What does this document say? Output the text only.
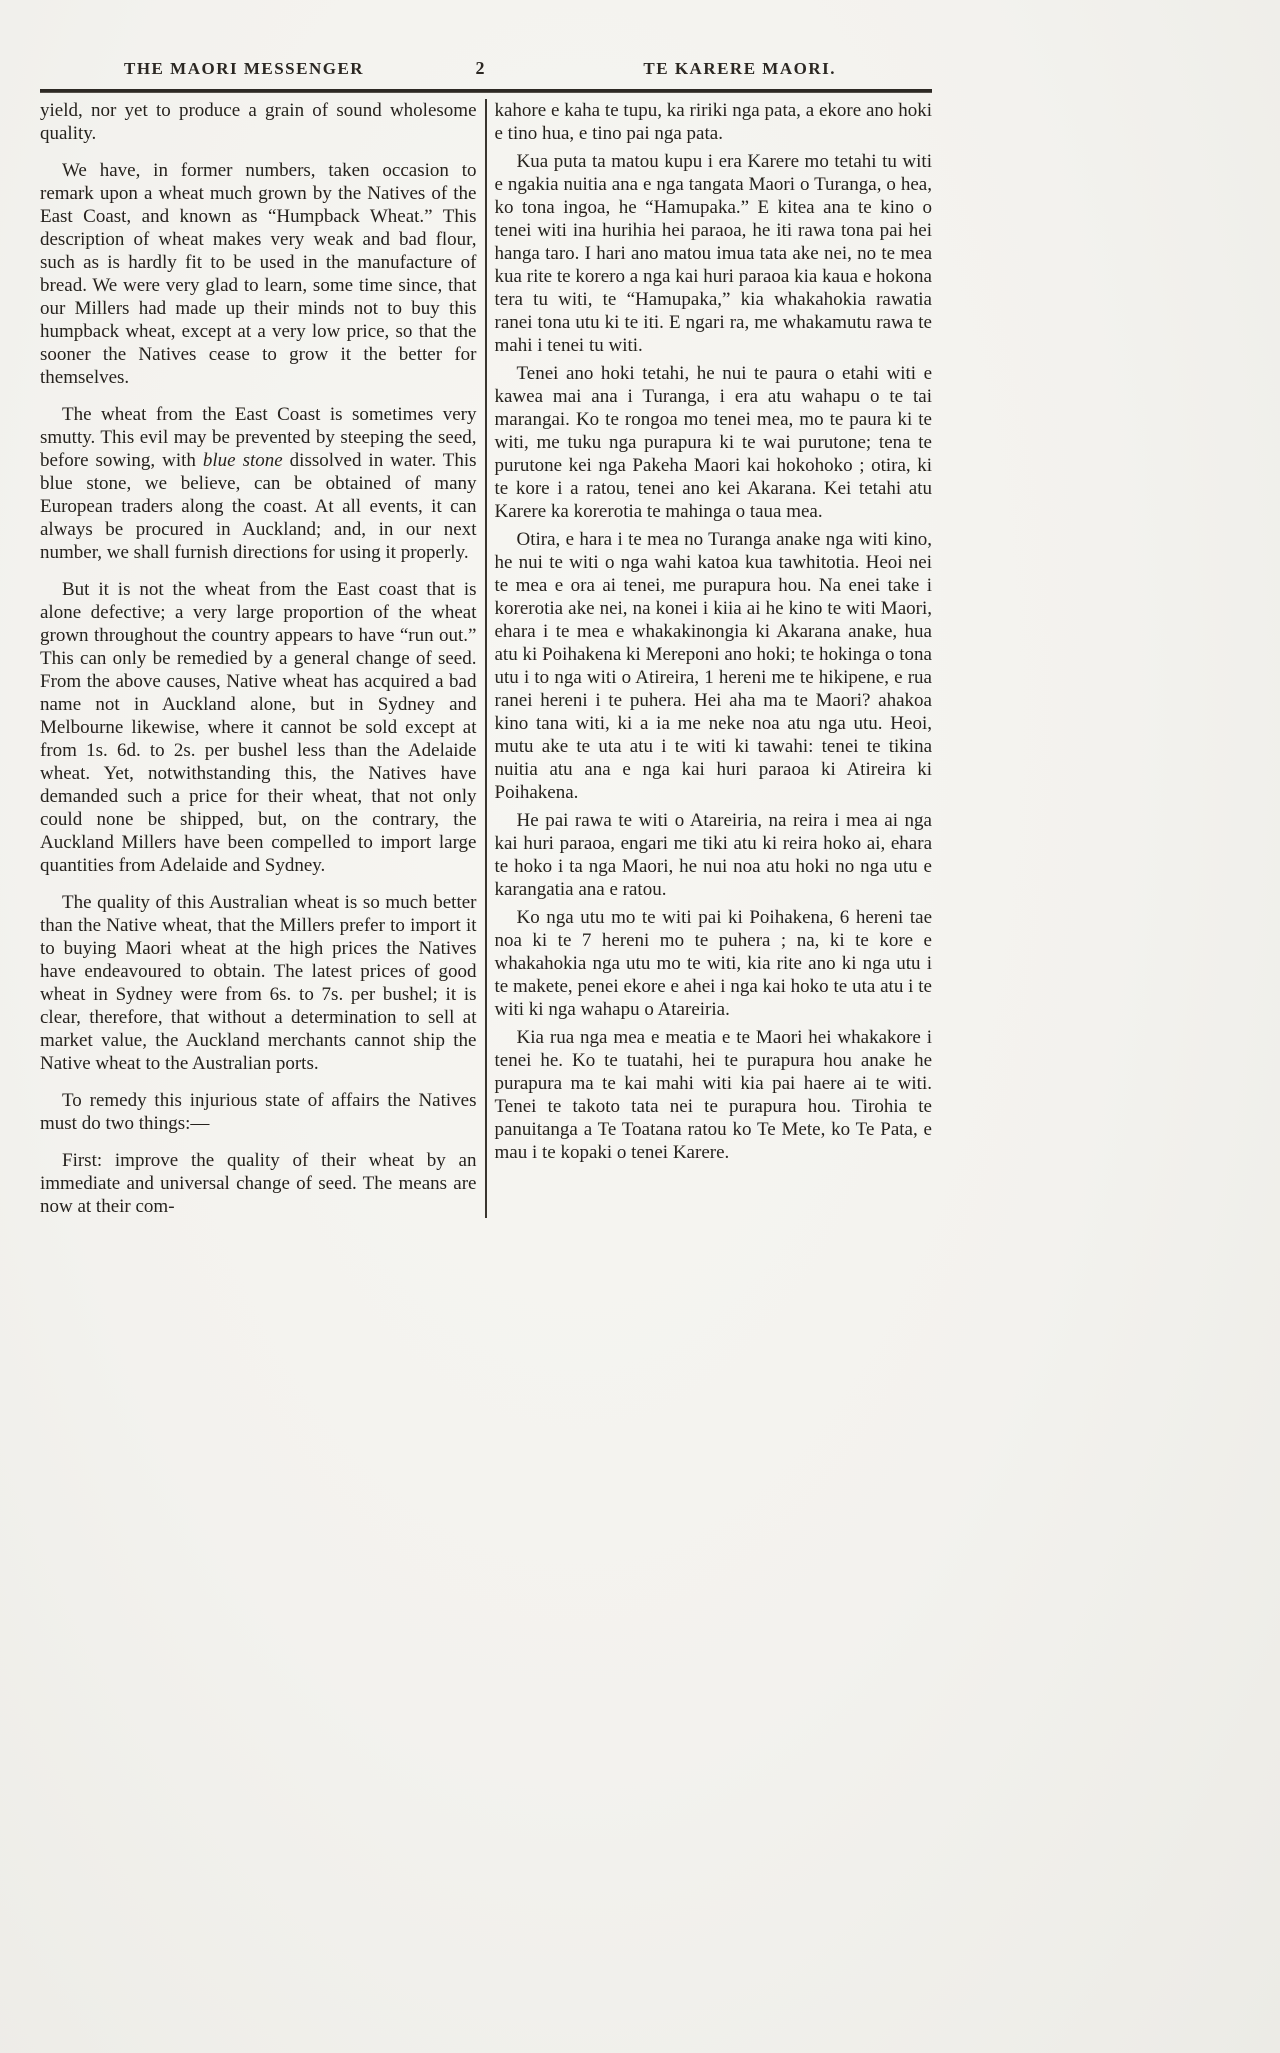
THE MAORI MESSENGER	2	TE KARERE MAORI.

yield, nor yet to produce a grain of sound wholesome quality.

We have, in former numbers, taken occasion to remark upon a wheat much grown by the Natives of the East Coast, and known as “Humpback Wheat.” This description of wheat makes very weak and bad flour, such as is hardly fit to be used in the manufacture of bread. We were very glad to learn, some time since, that our Millers had made up their minds not to buy this humpback wheat, except at a very low price, so that the sooner the Natives cease to grow it the better for themselves.

The wheat from the East Coast is sometimes very smutty. This evil may be prevented by steeping the seed, before sowing, with blue stone dissolved in water. This blue stone, we believe, can be obtained of many European traders along the coast. At all events, it can always be procured in Auckland; and, in our next number, we shall furnish directions for using it properly.

But it is not the wheat from the East coast that is alone defective; a very large proportion of the wheat grown throughout the country appears to have “run out.” This can only be remedied by a general change of seed. From the above causes, Native wheat has acquired a bad name not in Auckland alone, but in Sydney and Melbourne likewise, where it cannot be sold except at from 1s. 6d. to 2s. per bushel less than the Adelaide wheat. Yet, notwithstanding this, the Natives have demanded such a price for their wheat, that not only could none be shipped, but, on the contrary, the Auckland Millers have been compelled to import large quantities from Adelaide and Sydney.

The quality of this Australian wheat is so much better than the Native wheat, that the Millers prefer to import it to buying Maori wheat at the high prices the Natives have endeavoured to obtain. The latest prices of good wheat in Sydney were from 6s. to 7s. per bushel; it is clear, therefore, that without a determination to sell at market value, the Auckland merchants cannot ship the Native wheat to the Australian ports.

To remedy this injurious state of affairs the Natives must do two things:—

First: improve the quality of their wheat by an immediate and universal change of seed. The means are now at their com-

kahore e kaha te tupu, ka ririki nga pata, a ekore ano hoki e tino hua, e tino pai nga pata.

Kua puta ta matou kupu i era Karere mo tetahi tu witi e ngakia nuitia ana e nga tangata Maori o Turanga, o hea, ko tona ingoa, he “Hamupaka.” E kitea ana te kino o tenei witi ina hurihia hei paraoa, he iti rawa tona pai hei hanga taro. I hari ano matou imua tata ake nei, no te mea kua rite te korero a nga kai huri paraoa kia kaua e hokona tera tu witi, te “Hamupaka,” kia whakahokia rawatia ranei tona utu ki te iti. E ngari ra, me whakamutu rawa te mahi i tenei tu witi.

Tenei ano hoki tetahi, he nui te paura o etahi witi e kawea mai ana i Turanga, i era atu wahapu o te tai marangai. Ko te rongoa mo tenei mea, mo te paura ki te witi, me tuku nga purapura ki te wai purutone; tena te purutone kei nga Pakeha Maori kai hokohoko ; otira, ki te kore i a ratou, tenei ano kei Akarana. Kei tetahi atu Karere ka korerotia te mahinga o taua mea.

Otira, e hara i te mea no Turanga anake nga witi kino, he nui te witi o nga wahi katoa kua tawhitotia. Heoi nei te mea e ora ai tenei, me purapura hou. Na enei take i korerotia ake nei, na konei i kiia ai he kino te witi Maori, ehara i te mea e whakakinongia ki Akarana anake, hua atu ki Poihakena ki Mereponi ano hoki; te hokinga o tona utu i to nga witi o Atireira, 1 hereni me te hikipene, e rua ranei hereni i te puhera. Hei aha ma te Maori? ahakoa kino tana witi, ki a ia me neke noa atu nga utu. Heoi, mutu ake te uta atu i te witi ki tawahi: tenei te tikina nuitia atu ana e nga kai huri paraoa ki Atireira ki Poihakena.

He pai rawa te witi o Atareiria, na reira i mea ai nga kai huri paraoa, engari me tiki atu ki reira hoko ai, ehara te hoko i ta nga Maori, he nui noa atu hoki no nga utu e karangatia ana e ratou.

Ko nga utu mo te witi pai ki Poihakena, 6 hereni tae noa ki te 7 hereni mo te puhera ; na, ki te kore e whakahokia nga utu mo te witi, kia rite ano ki nga utu i te makete, penei ekore e ahei i nga kai hoko te uta atu i te witi ki nga wahapu o Atareiria.

Kia rua nga mea e meatia e te Maori hei whakakore i tenei he. Ko te tuatahi, hei te purapura hou anake he purapura ma te kai mahi witi kia pai haere ai te witi. Tenei te takoto tata nei te purapura hou. Tirohia te panuitanga a Te Toatana ratou ko Te Mete, ko Te Pata, e mau i te kopaki o tenei Karere.
